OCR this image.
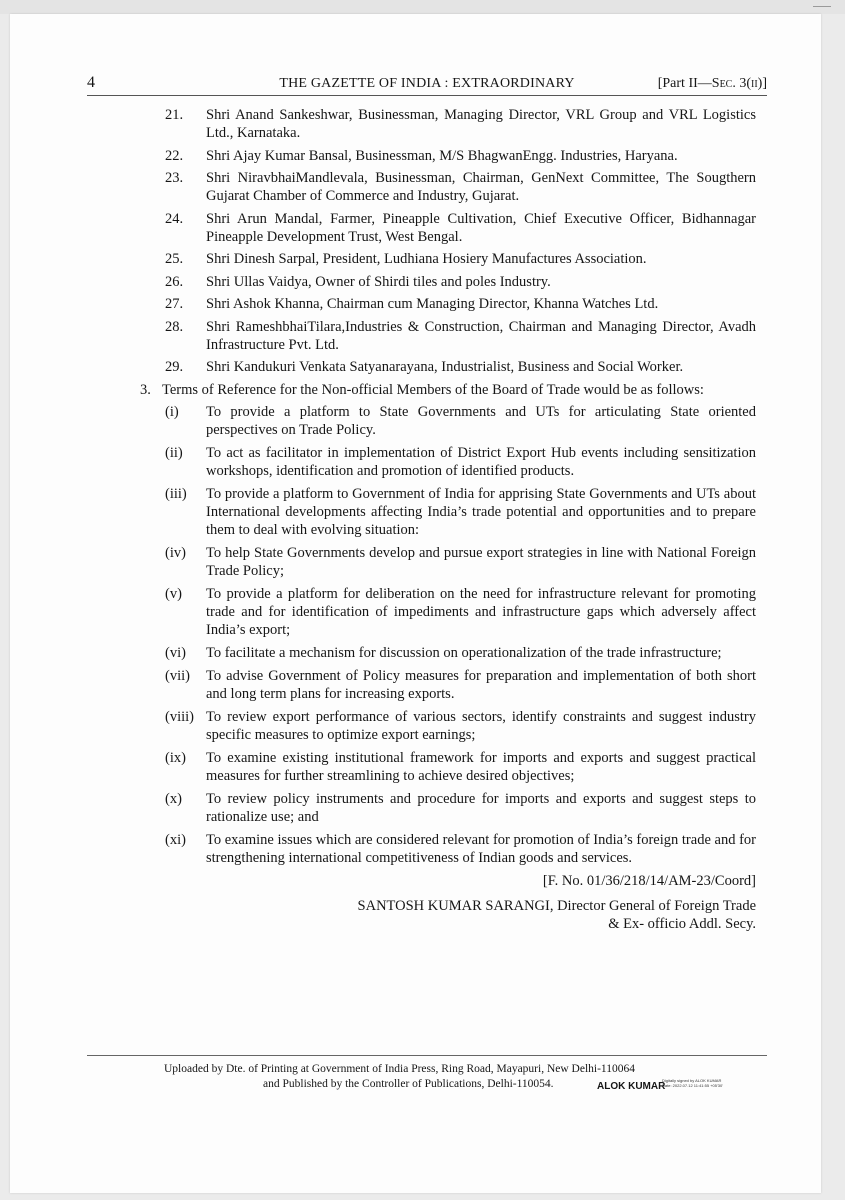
4	THE GAZETTE OF INDIA : EXTRAORDINARY	[Part II—Sec. 3(ii)]
21. Shri Anand Sankeshwar, Businessman, Managing Director, VRL Group and VRL Logistics Ltd., Karnataka.
22. Shri Ajay Kumar Bansal, Businessman, M/S BhagwanEngg. Industries, Haryana.
23. Shri NiravbhaiMandlevala, Businessman, Chairman, GenNext Committee, The Sougthern Gujarat Chamber of Commerce and Industry, Gujarat.
24. Shri Arun Mandal, Farmer, Pineapple Cultivation, Chief Executive Officer, Bidhannagar Pineapple Development Trust, West Bengal.
25. Shri Dinesh Sarpal, President, Ludhiana Hosiery Manufactures Association.
26. Shri Ullas Vaidya, Owner of Shirdi tiles and poles Industry.
27. Shri Ashok Khanna, Chairman cum Managing Director, Khanna Watches Ltd.
28. Shri RameshbhaiTilara,Industries & Construction, Chairman and Managing Director, Avadh Infrastructure Pvt. Ltd.
29. Shri Kandukuri Venkata Satyanarayana, Industrialist, Business and Social Worker.
3. Terms of Reference for the Non-official Members of the Board of Trade would be as follows:
(i) To provide a platform to State Governments and UTs for articulating State oriented perspectives on Trade Policy.
(ii) To act as facilitator in implementation of District Export Hub events including sensitization workshops, identification and promotion of identified products.
(iii) To provide a platform to Government of India for apprising State Governments and UTs about International developments affecting India’s trade potential and opportunities and to prepare them to deal with evolving situation:
(iv) To help State Governments develop and pursue export strategies in line with National Foreign Trade Policy;
(v) To provide a platform for deliberation on the need for infrastructure relevant for promoting trade and for identification of impediments and infrastructure gaps which adversely affect India’s export;
(vi) To facilitate a mechanism for discussion on operationalization of the trade infrastructure;
(vii) To advise Government of Policy measures for preparation and implementation of both short and long term plans for increasing exports.
(viii) To review export performance of various sectors, identify constraints and suggest industry specific measures to optimize export earnings;
(ix) To examine existing institutional framework for imports and exports and suggest practical measures for further streamlining to achieve desired objectives;
(x) To review policy instruments and procedure for imports and exports and suggest steps to rationalize use; and
(xi) To examine issues which are considered relevant for promotion of India’s foreign trade and for strengthening international competitiveness of Indian goods and services.
[F. No. 01/36/218/14/AM-23/Coord]
SANTOSH KUMAR SARANGI, Director General of Foreign Trade
& Ex- officio Addl. Secy.
Uploaded by Dte. of Printing at Government of India Press, Ring Road, Mayapuri, New Delhi-110064
and Published by the Controller of Publications, Delhi-110054.	ALOK KUMAR
Digitally signed by ALOK KUMAR
Date: 2022.07.12 11:41:55 +05'30'
